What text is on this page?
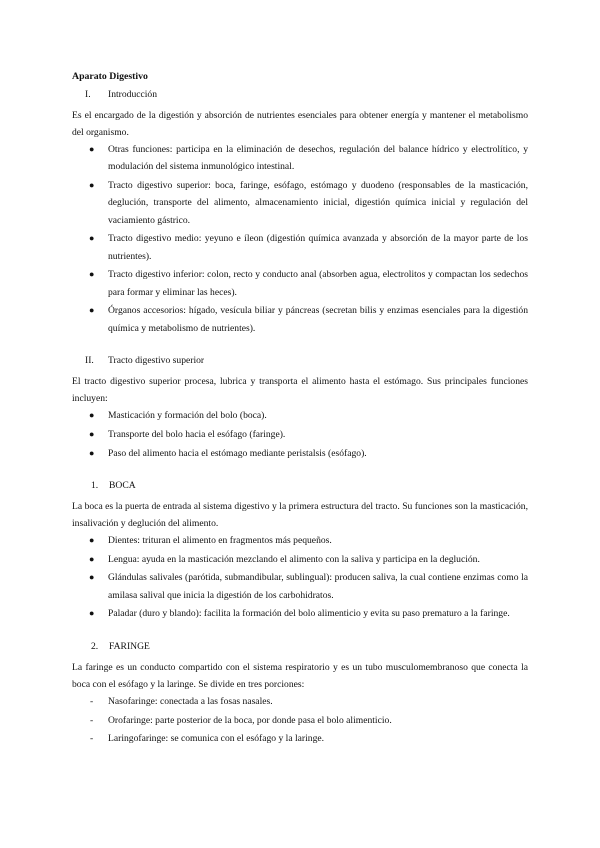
Aparato Digestivo
I.	Introducción

Es el encargado de la digestión y absorción de nutrientes esenciales para obtener energía y mantener el metabolismo del organismo.

● Otras funciones: participa en la eliminación de desechos, regulación del balance hídrico y electrolítico, y modulación del sistema inmunológico intestinal.
● Tracto digestivo superior: boca, faringe, esófago, estómago y duodeno (responsables de la masticación, deglución, transporte del alimento, almacenamiento inicial, digestión química inicial y regulación del vaciamiento gástrico.
● Tracto digestivo medio: yeyuno e íleon (digestión química avanzada y absorción de la mayor parte de los nutrientes).
● Tracto digestivo inferior: colon, recto y conducto anal (absorben agua, electrolitos y compactan los sedechos para formar y eliminar las heces).
● Órganos accesorios: hígado, vesícula biliar y páncreas (secretan bilis y enzimas esenciales para la digestión química y metabolismo de nutrientes).
II.	Tracto digestivo superior

El tracto digestivo superior procesa, lubrica y transporta el alimento hasta el estómago. Sus principales funciones incluyen:

● Masticación y formación del bolo (boca).
● Transporte del bolo hacia el esófago (faringe).
● Paso del alimento hacia el estómago mediante peristalsis (esófago).
1.	BOCA

La boca es la puerta de entrada al sistema digestivo y la primera estructura del tracto. Su funciones son la masticación, insalivación y deglución del alimento.

● Dientes: trituran el alimento en fragmentos más pequeños.
● Lengua: ayuda en la masticación mezclando el alimento con la saliva y participa en la deglución.
● Glándulas salivales (parótida, submandibular, sublingual): producen saliva, la cual contiene enzimas como la amilasa salival que inicia la digestión de los carbohidratos.
● Paladar (duro y blando): facilita la formación del bolo alimenticio y evita su paso prematuro a la faringe.
2.	FARINGE

La faringe es un conducto compartido con el sistema respiratorio y es un tubo musculomembranoso que conecta la boca con el esófago y la laringe. Se divide en tres porciones:

- Nasofaringe: conectada a las fosas nasales.
- Orofaringe: parte posterior de la boca, por donde pasa el bolo alimenticio.
- Laringofaringe: se comunica con el esófago y la laringe.
